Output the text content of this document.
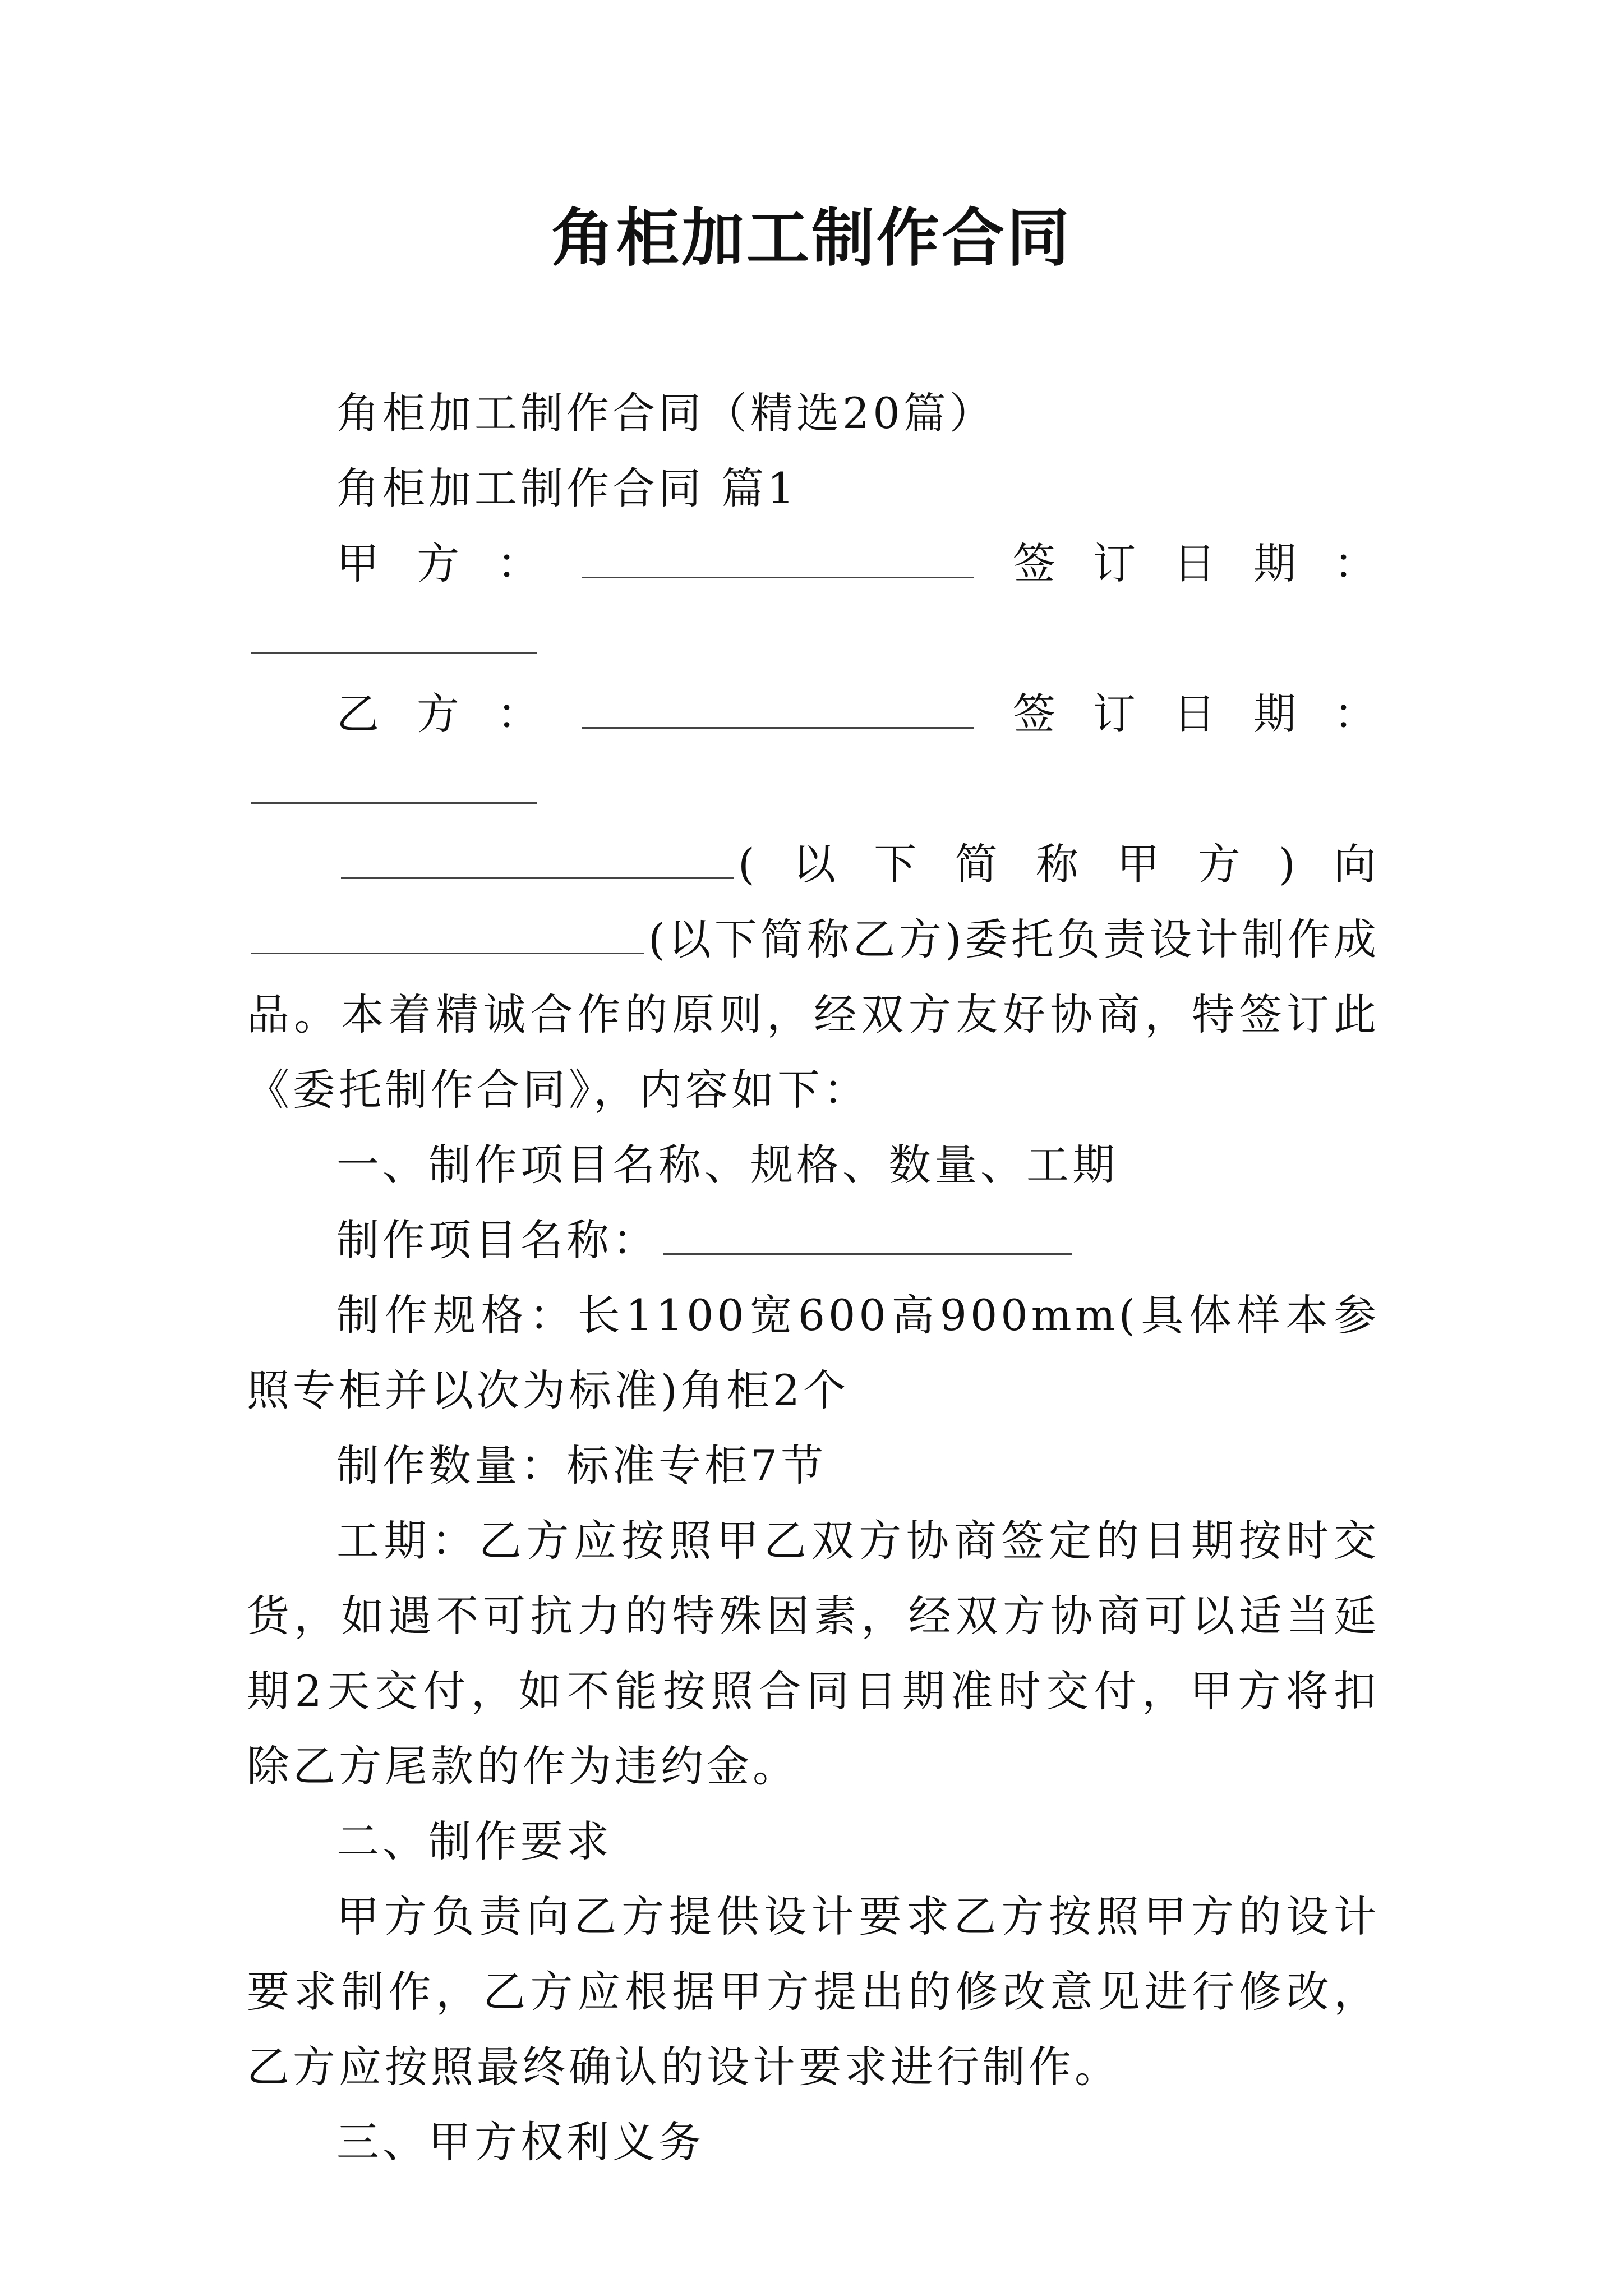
角柜加工制作合同

角柜加工制作合同（精选20篇）

角柜加工制作合同 篇1

甲方：	签订日期：

乙方：	签订日期：

(以下简称甲方)向

(以下简称乙方)委托负责设计制作成品。本着精诚合作的原则，经双方友好协商，特签订此《委托制作合同》，内容如下：

一、制作项目名称、规格、数量、工期

制作项目名称：

制作规格：长1100宽600高900mm(具体样本参照专柜并以次为标准)角柜2个

制作数量：标准专柜7节

工期：乙方应按照甲乙双方协商签定的日期按时交货，如遇不可抗力的特殊因素，经双方协商可以适当延期2天交付，如不能按照合同日期准时交付，甲方将扣除乙方尾款的作为违约金。

二、制作要求

甲方负责向乙方提供设计要求乙方按照甲方的设计要求制作，乙方应根据甲方提出的修改意见进行修改，乙方应按照最终确认的设计要求进行制作。

三、甲方权利义务
